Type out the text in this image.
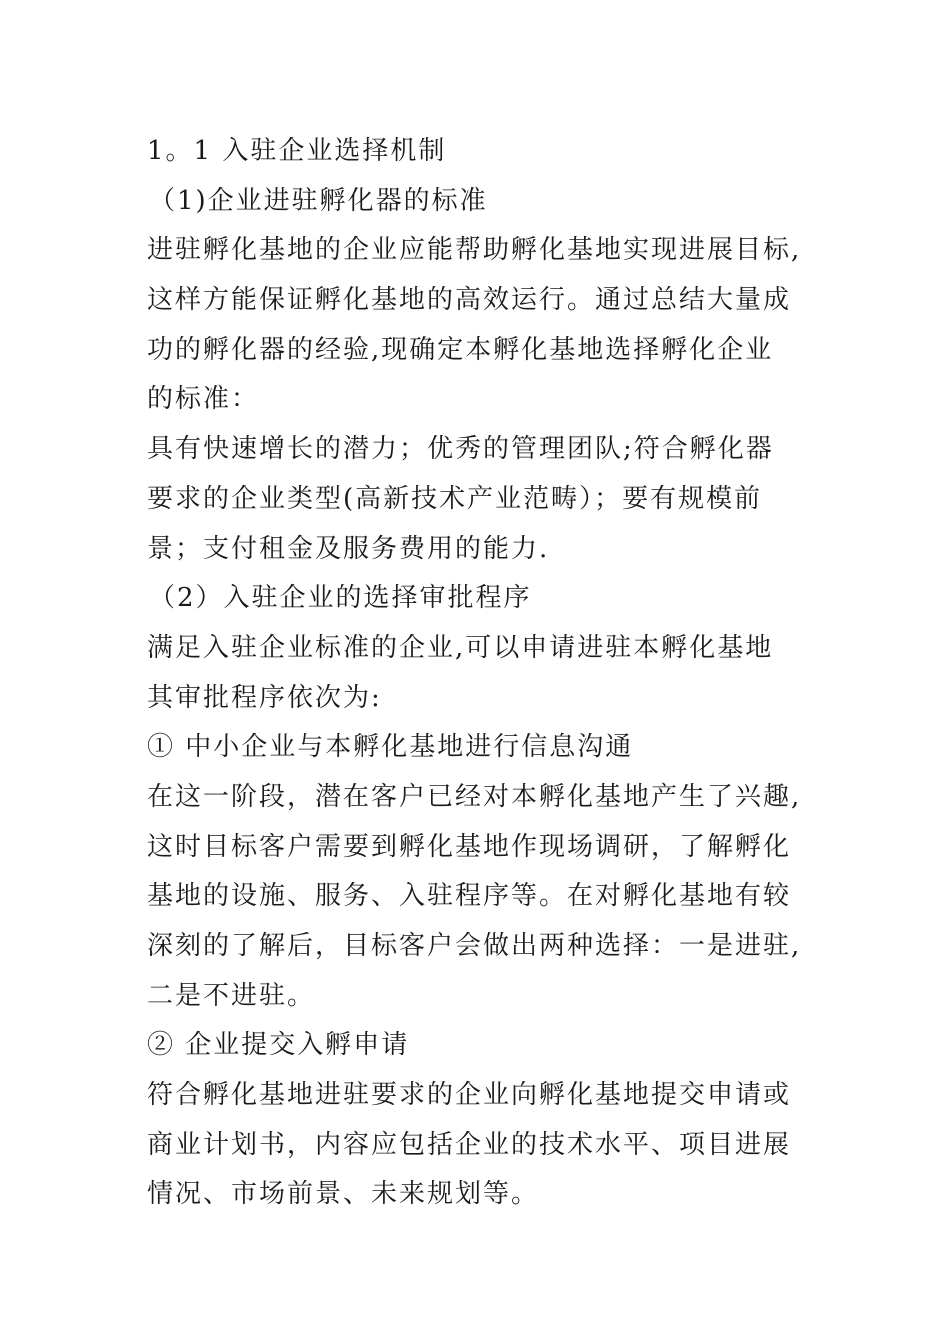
1。1 入驻企业选择机制
（1)企业进驻孵化器的标准
进驻孵化基地的企业应能帮助孵化基地实现进展目标,
这样方能保证孵化基地的高效运行。通过总结大量成
功的孵化器的经验,现确定本孵化基地选择孵化企业
的标准：
具有快速增长的潜力；优秀的管理团队;符合孵化器
要求的企业类型(高新技术产业范畴）；要有规模前
景；支付租金及服务费用的能力.
（2）入驻企业的选择审批程序
满足入驻企业标准的企业,可以申请进驻本孵化基地
其审批程序依次为:
① 中小企业与本孵化基地进行信息沟通
在这一阶段，潜在客户已经对本孵化基地产生了兴趣,
这时目标客户需要到孵化基地作现场调研，了解孵化
基地的设施、服务、入驻程序等。在对孵化基地有较
深刻的了解后，目标客户会做出两种选择：一是进驻,
二是不进驻。
② 企业提交入孵申请
符合孵化基地进驻要求的企业向孵化基地提交申请或
商业计划书，内容应包括企业的技术水平、项目进展
情况、市场前景、未来规划等。
